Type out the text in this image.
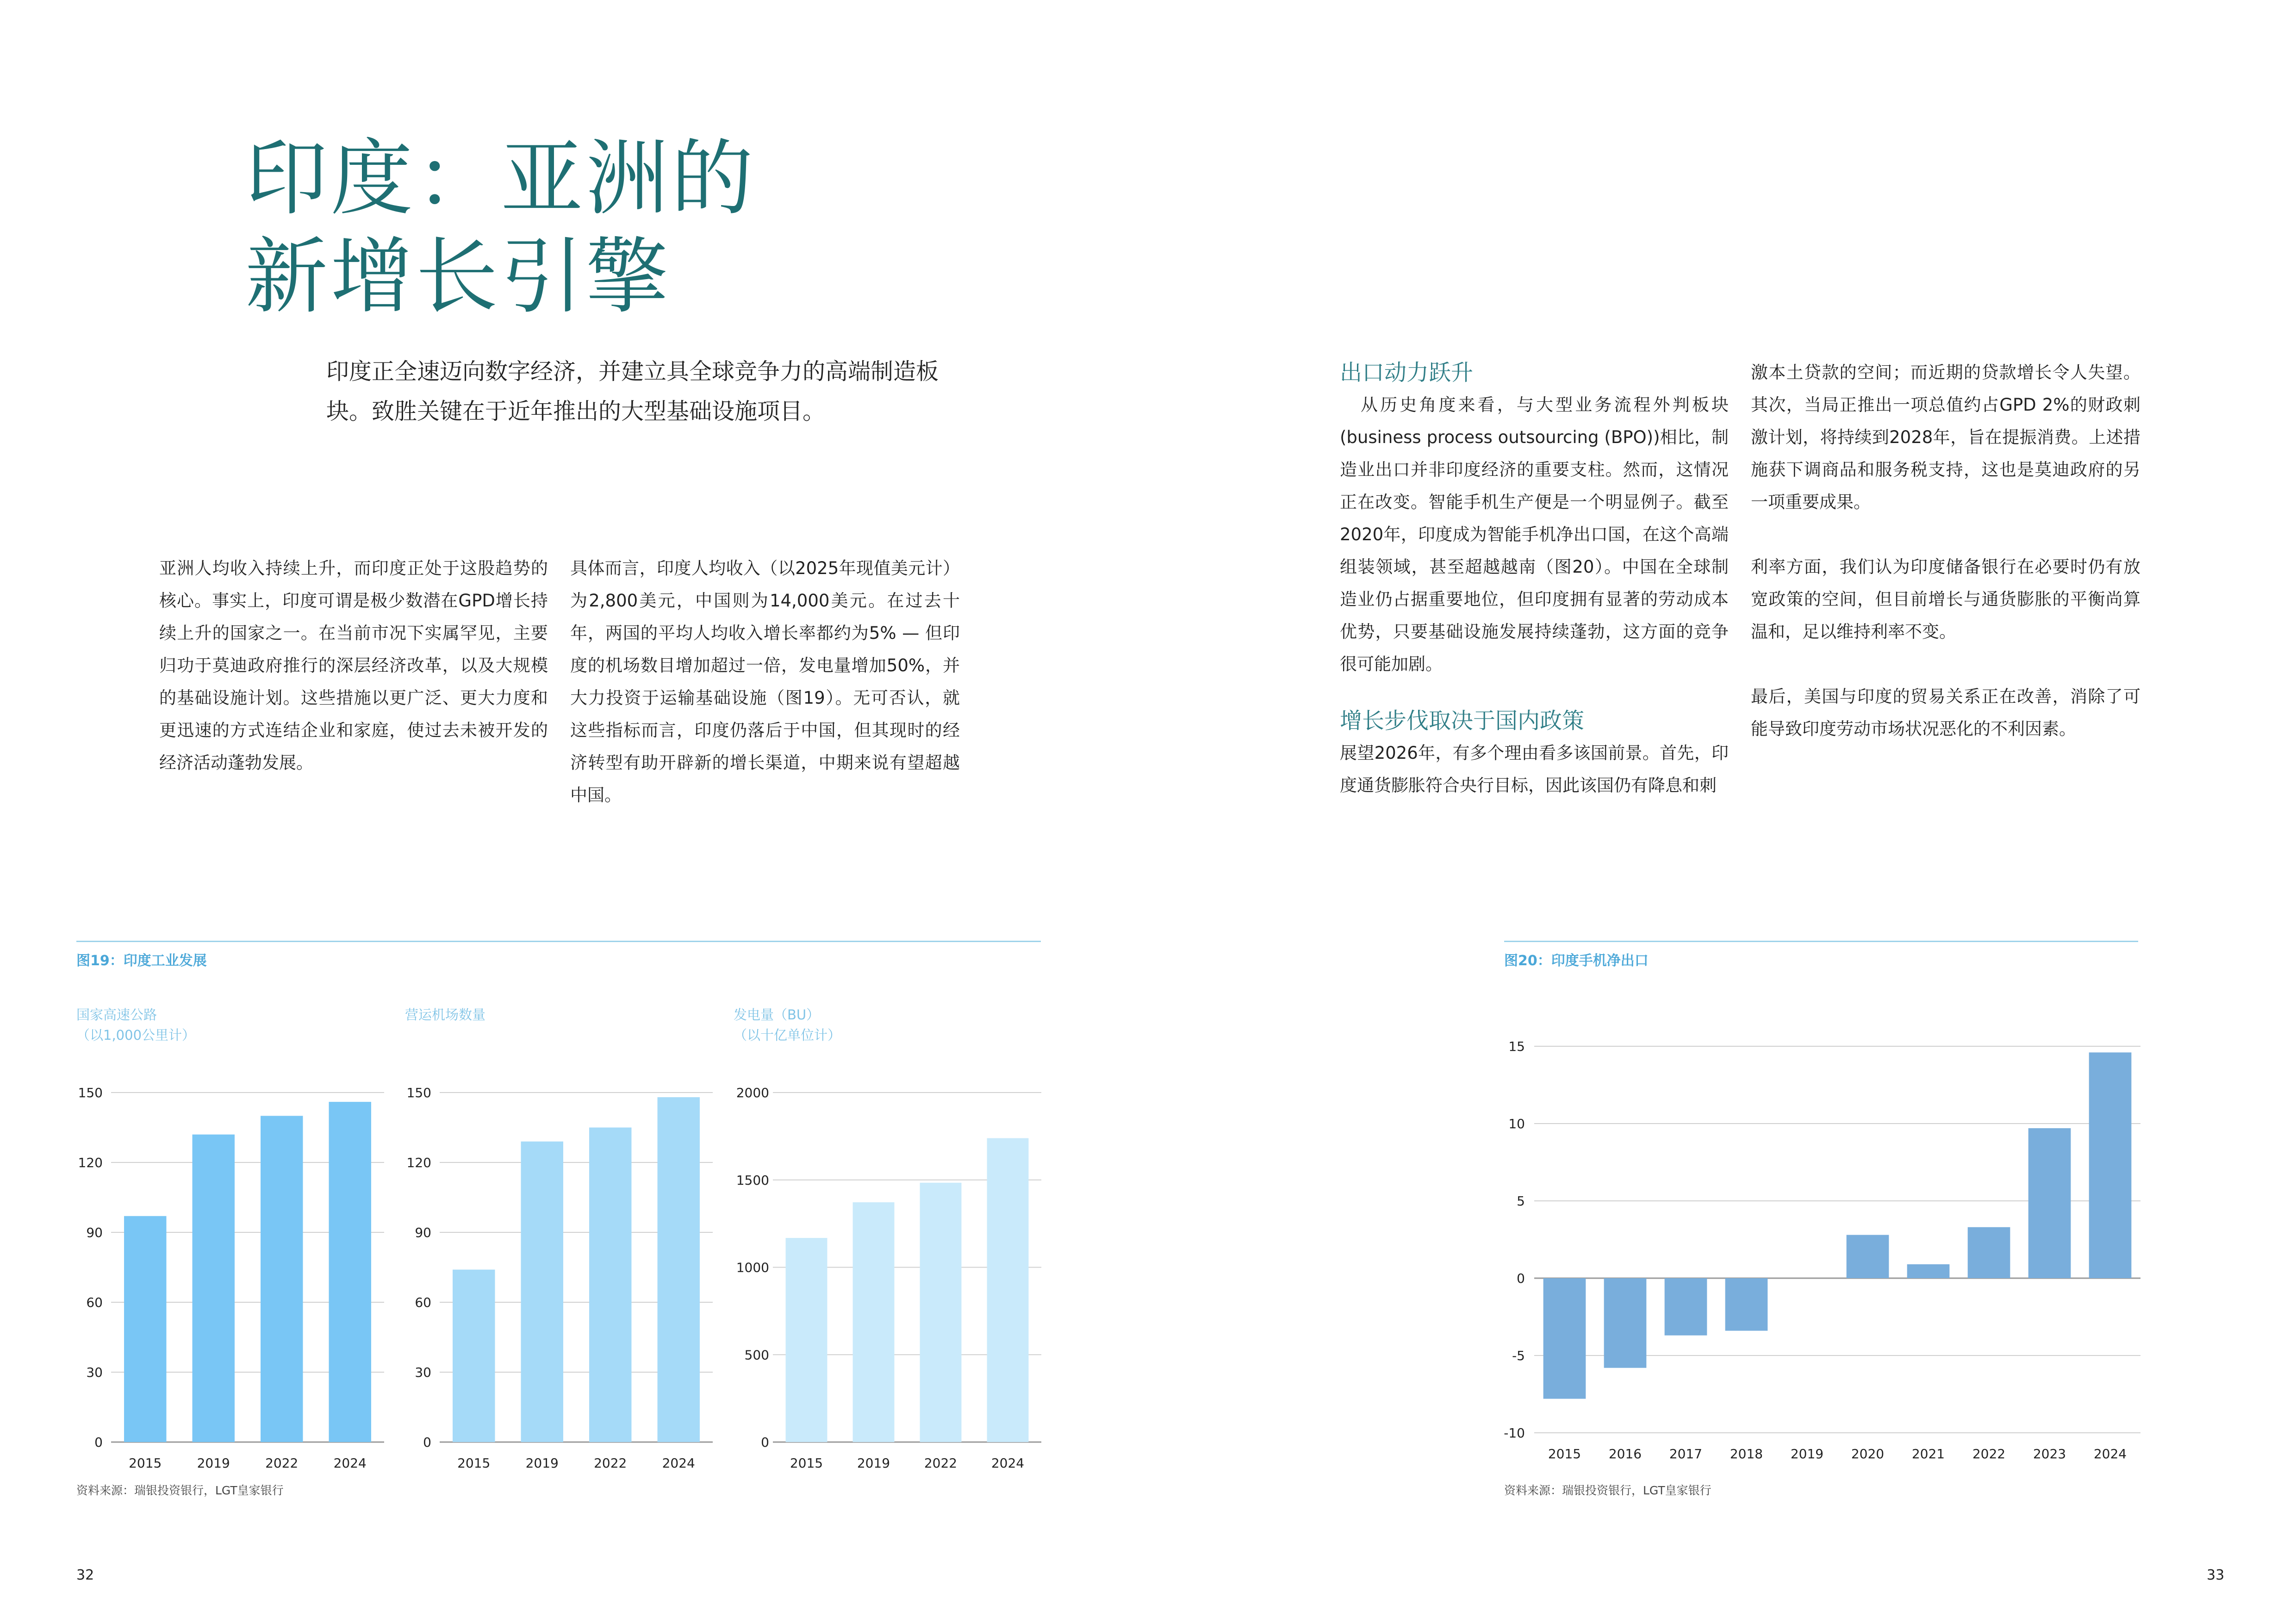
印度：亚洲的
新增长引擎
印度正全速迈向数字经济，并建立具全球竞争力的高端制造板块。致胜关键在于近年推出的大型基础设施项目。
亚洲人均收入持续上升，而印度正处于这股趋势的核心。事实上，印度可谓是极少数潜在GPD增长持续上升的国家之一。在当前市况下实属罕见，主要归功于莫迪政府推行的深层经济改革，以及大规模的基础设施计划。这些措施以更广泛、更大力度和更迅速的方式连结企业和家庭，使过去未被开发的经济活动蓬勃发展。
具体而言，印度人均收入（以2025年现值美元计）为2,800美元，中国则为14,000美元。在过去十年，两国的平均人均收入增长率都约为5% — 但印度的机场数目增加超过一倍，发电量增加50%，并大力投资于运输基础设施（图19）。无可否认，就这些指标而言，印度仍落后于中国，但其现时的经济转型有助开辟新的增长渠道，中期来说有望超越中国。
出口动力跃升
从历史角度来看，与大型业务流程外判板块(business process outsourcing (BPO))相比，制造业出口并非印度经济的重要支柱。然而，这情况正在改变。智能手机生产便是一个明显例子。截至2020年，印度成为智能手机净出口国，在这个高端组装领域，甚至超越越南（图20）。中国在全球制造业仍占据重要地位，但印度拥有显著的劳动成本优势，只要基础设施发展持续蓬勃，这方面的竞争很可能加剧。
增长步伐取决于国内政策
展望2026年，有多个理由看多该国前景。首先，印度通货膨胀符合央行目标，因此该国仍有降息和刺
激本土贷款的空间；而近期的贷款增长令人失望。其次，当局正推出一项总值约占GPD 2%的财政刺激计划，将持续到2028年，旨在提振消费。上述措施获下调商品和服务税支持，这也是莫迪政府的另一项重要成果。
利率方面，我们认为印度储备银行在必要时仍有放宽政策的空间，但目前增长与通货膨胀的平衡尚算温和，足以维持利率不变。
最后，美国与印度的贸易关系正在改善，消除了可能导致印度劳动市场状况恶化的不利因素。
图19：印度工业发展
国家高速公路
（以1,000公里计）
营运机场数量	发电量（BU）
（以十亿单位计）
0
30
60
90
120
150
2015	2019	2022	2024
0
30
60
90
120
150
2015	2019	2022	2024
0
500
1000
1500
2000
2015	2019	2022	2024
资料来源：瑞银投资银行，LGT皇家银行
图20：印度手机净出口
-10
-5
0
5
10
15
2015 2016 2017 2018 2019 2020 2021 2022 2023 2024
资料来源：瑞银投资银行，LGT皇家银行
32	33
